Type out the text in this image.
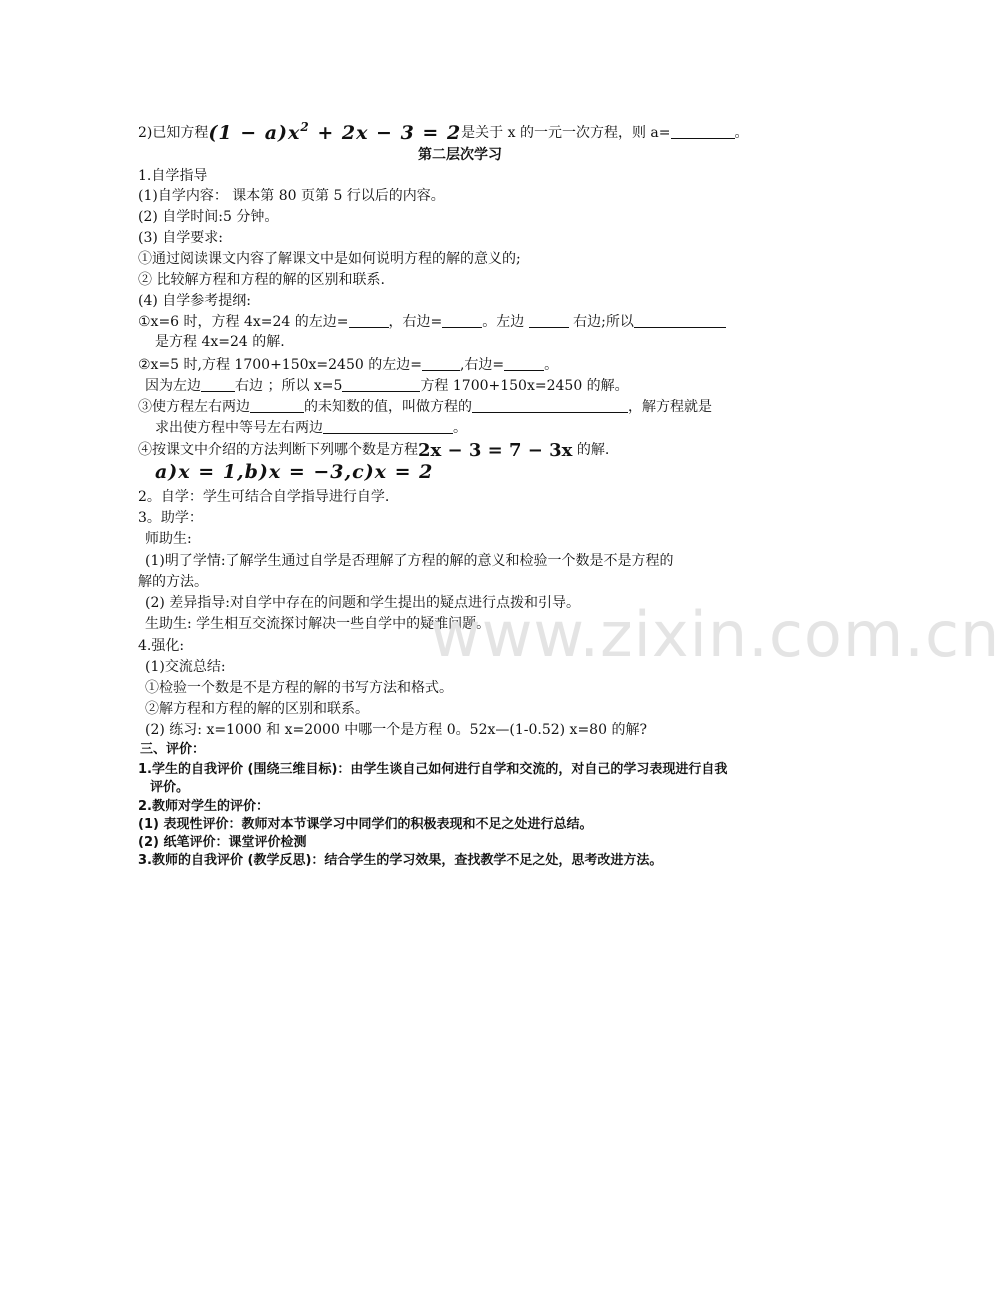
2)已知方程$(1 - a)x^2 + 2x - 3 = 2$是关于 x 的一元一次方程，则 a=	。
第二层次学习
1.自学指导
(1)自学内容： 课本第 80 页第 5 行以后的内容。
(2) 自学时间:5 分钟。
(3) 自学要求:
①通过阅读课文内容了解课文中是如何说明方程的解的意义的;
② 比较解方程和方程的解的区别和联系.
(4) 自学参考提纲:
①x=6 时，方程 4x=24 的左边=	，右边=	。左边	右边;所以
是方程 4x=24 的解.
②x=5 时,方程 1700+150x=2450 的左边=	,右边=	。
因为左边 右边 ；所以 x=5	方程 1700+150x=2450 的解。
③使方程左右两边	的未知数的值，叫做方程的	，解方程就是
求出使方程中等号左右两边	。
④按课文中介绍的方法判断下列哪个数是方程2x − 3 = 7 − 3x 的解.
a)x = 1,b)x = −3,c)x = 2
2。自学：学生可结合自学指导进行自学.
3。助学：
师助生:
(1)明了学情:了解学生通过自学是否理解了方程的解的意义和检验一个数是不是方程的
解的方法。
(2) 差异指导:对自学中存在的问题和学生提出的疑点进行点拨和引导。
生助生: 学生相互交流探讨解决一些自学中的疑难问题。
www.zixin.com.cn
4.强化:
(1)交流总结:
①检验一个数是不是方程的解的书写方法和格式。
②解方程和方程的解的区别和联系。
(2) 练习: x=1000 和 x=2000 中哪一个是方程 0。52x—(1-0.52) x=80 的解?
三、评价：
1.学生的自我评价 (围绕三维目标)：由学生谈自己如何进行自学和交流的，对自己的学习表现进行自我
评价。
2.教师对学生的评价：
(1) 表现性评价：教师对本节课学习中同学们的积极表现和不足之处进行总结。
(2) 纸笔评价：课堂评价检测
3.教师的自我评价 (教学反思)：结合学生的学习效果，查找教学不足之处，思考改进方法。
